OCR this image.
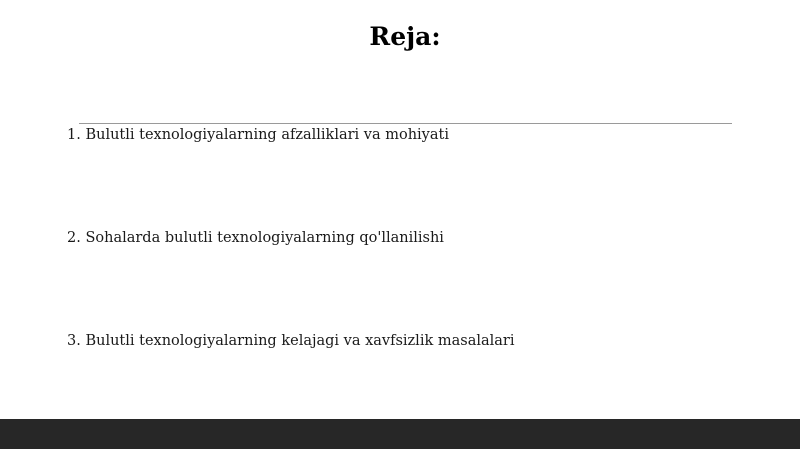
Reja:
1. Bulutli texnologiyalarning afzalliklari va mohiyati
2. Sohalarda bulutli texnologiyalarning qo'llanilishi
3. Bulutli texnologiyalarning kelajagi va xavfsizlik masalalari
